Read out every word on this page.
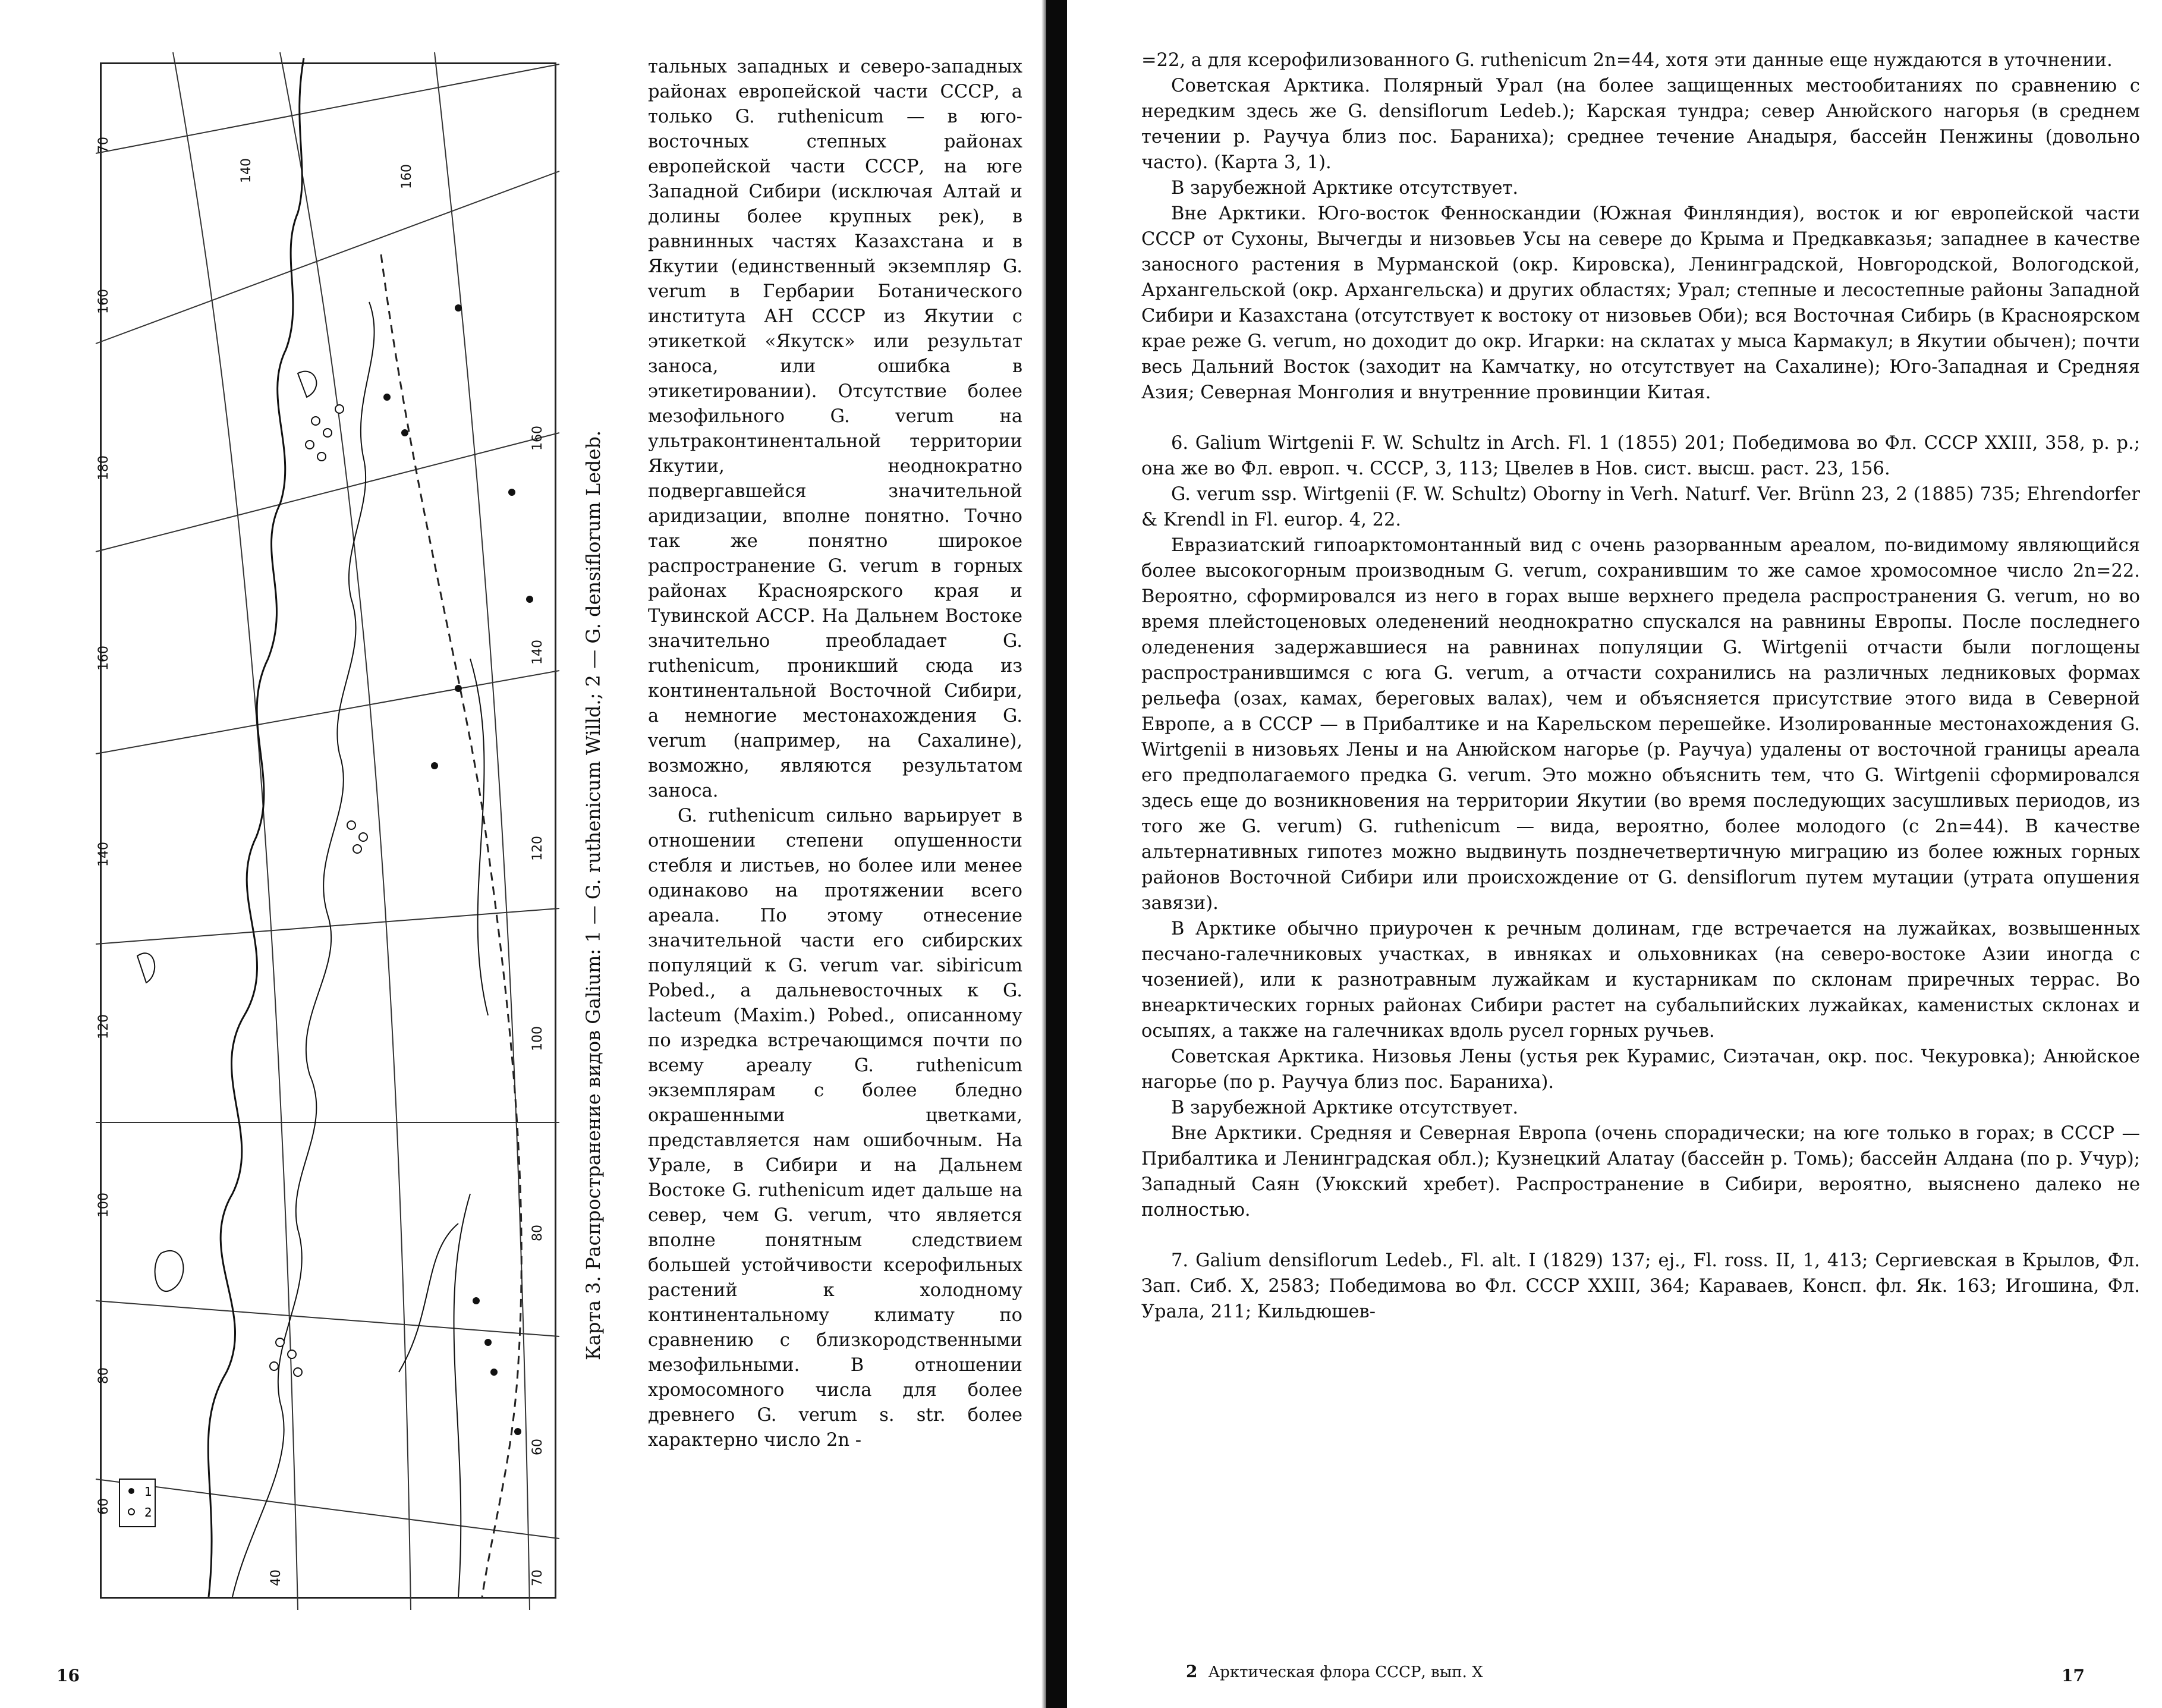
70
160
180
160
140
120
100
80
60
40	70
60
80
100
120
140
160
140	160
1
2
Карта 3. Распространение видов Galium: 1 — G. ruthenicum Willd.; 2 — G. densiflorum Ledeb.

тальных западных и северо-западных районах европейской части СССР, а только G. ruthenicum — в юго-восточных степных районах европейской части СССР, на юге Западной Сибири (исключая Алтай и долины более крупных рек), в равнинных частях Казахстана и в Якутии (единственный экземпляр G. verum в Гербарии Ботанического института АН СССР из Якутии с этикеткой «Якутск» или результат заноса, или ошибка в этикетировании). Отсутствие более мезофильного G. verum на ультраконтинентальной территории Якутии, неоднократно подвергавшейся значительной аридизации, вполне понятно. Точно так же понятно широкое распространение G. verum в горных районах Красноярского края и Тувинской АССР. На Дальнем Востоке значительно преобладает G. ruthenicum, проникший сюда из континентальной Восточной Сибири, а немногие местонахождения G. verum (например, на Сахалине), возможно, являются результатом заноса.

G. ruthenicum сильно варьирует в отношении степени опушенности стебля и листьев, но более или менее одинаково на протяжении всего ареала. По этому отнесение значительной части его сибирских популяций к G. verum var. sibiricum Pobed., а дальневосточных к G. lacteum (Maxim.) Pobed., описанному по изредка встречающимся почти по всему ареалу G. ruthenicum экземплярам с более бледно окрашенными цветками, представляется нам ошибочным. На Урале, в Сибири и на Дальнем Востоке G. ruthenicum идет дальше на север, чем G. verum, что является вполне понятным следствием большей устойчивости ксерофильных растений к холодному континентальному климату по сравнению с близкородственными мезофильными. В отношении хромосомного числа для более древнего G. verum s. str. более характерно число 2n -

16

=22, а для ксерофилизованного G. ruthenicum 2n=44, хотя эти данные еще нуждаются в уточнении.

Советская Арктика. Полярный Урал (на более защищенных местообитаниях по сравнению с нередким здесь же G. densiflorum Ledeb.); Карская тундра; север Анюйского нагорья (в среднем течении р. Раучуа близ пос. Бараниха); среднее течение Анадыря, бассейн Пенжины (довольно часто). (Карта 3, 1).

В зарубежной Арктике отсутствует.

Вне Арктики. Юго-восток Фенноскандии (Южная Финляндия), восток и юг европейской части СССР от Сухоны, Вычегды и низовьев Усы на севере до Крыма и Предкавказья; западнее в качестве заносного растения в Мурманской (окр. Кировска), Ленинградской, Новгородской, Вологодской, Архангельской (окр. Архангельска) и других областях; Урал; степные и лесостепные районы Западной Сибири и Казахстана (отсутствует к востоку от низовьев Оби); вся Восточная Сибирь (в Красноярском крае реже G. verum, но доходит до окр. Игарки: на склатах у мыса Кармакул; в Якутии обычен); почти весь Дальний Восток (заходит на Камчатку, но отсутствует на Сахалине); Юго-Западная и Средняя Азия; Северная Монголия и внутренние провинции Китая.

6. Galium Wirtgenii F. W. Schultz in Arch. Fl. 1 (1855) 201; Победимова во Фл. СССР XXIII, 358, p. p.; она же во Фл. европ. ч. СССР, 3, 113; Цвелев в Нов. сист. высш. раст. 23, 156.

G. verum ssp. Wirtgenii (F. W. Schultz) Oborny in Verh. Naturf. Ver. Brünn 23, 2 (1885) 735; Ehrendorfer & Krendl in Fl. europ. 4, 22.

Евразиатский гипоарктомонтанный вид с очень разорванным ареалом, по-видимому являющийся более высокогорным производным G. verum, сохранившим то же самое хромосомное число 2n=22. Вероятно, сформировался из него в горах выше верхнего предела распространения G. verum, но во время плейстоценовых оледенений неоднократно спускался на равнины Европы. После последнего оледенения задержавшиеся на равнинах популяции G. Wirtgenii отчасти были поглощены распространившимся с юга G. verum, а отчасти сохранились на различных ледниковых формах рельефа (озах, камах, береговых валах), чем и объясняется присутствие этого вида в Северной Европе, а в СССР — в Прибалтике и на Карельском перешейке. Изолированные местонахождения G. Wirtgenii в низовьях Лены и на Анюйском нагорье (р. Раучуа) удалены от восточной границы ареала его предполагаемого предка G. verum. Это можно объяснить тем, что G. Wirtgenii сформировался здесь еще до возникновения на территории Якутии (во время последующих засушливых периодов, из того же G. verum) G. ruthenicum — вида, вероятно, более молодого (с 2n=44). В качестве альтернативных гипотез можно выдвинуть позднечетвертичную миграцию из более южных горных районов Восточной Сибири или происхождение от G. densiflorum путем мутации (утрата опушения завязи).

В Арктике обычно приурочен к речным долинам, где встречается на лужайках, возвышенных песчано-галечниковых участках, в ивняках и ольховниках (на северо-востоке Азии иногда с чозенией), или к разнотравным лужайкам и кустарникам по склонам приречных террас. Во внеарктических горных районах Сибири растет на субальпийских лужайках, каменистых склонах и осыпях, а также на галечниках вдоль русел горных ручьев.

Советская Арктика. Низовья Лены (устья рек Курамис, Сиэтачан, окр. пос. Чекуровка); Анюйское нагорье (по р. Раучуа близ пос. Бараниха).

В зарубежной Арктике отсутствует.

Вне Арктики. Средняя и Северная Европа (очень спорадически; на юге только в горах; в СССР — Прибалтика и Ленинградская обл.); Кузнецкий Алатау (бассейн р. Томь); бассейн Алдана (по р. Учур); Западный Саян (Уюкский хребет). Распространение в Сибири, вероятно, выяснено далеко не полностью.

7. Galium densiflorum Ledeb., Fl. alt. I (1829) 137; ej., Fl. ross. II, 1, 413; Сергиевская в Крылов, Фл. Зап. Сиб. X, 2583; Победимова во Фл. СССР XXIII, 364; Караваев, Консп. фл. Як. 163; Игошина, Фл. Урала, 211; Кильдюшев-

2 Арктическая флора СССР, вып. X	17
